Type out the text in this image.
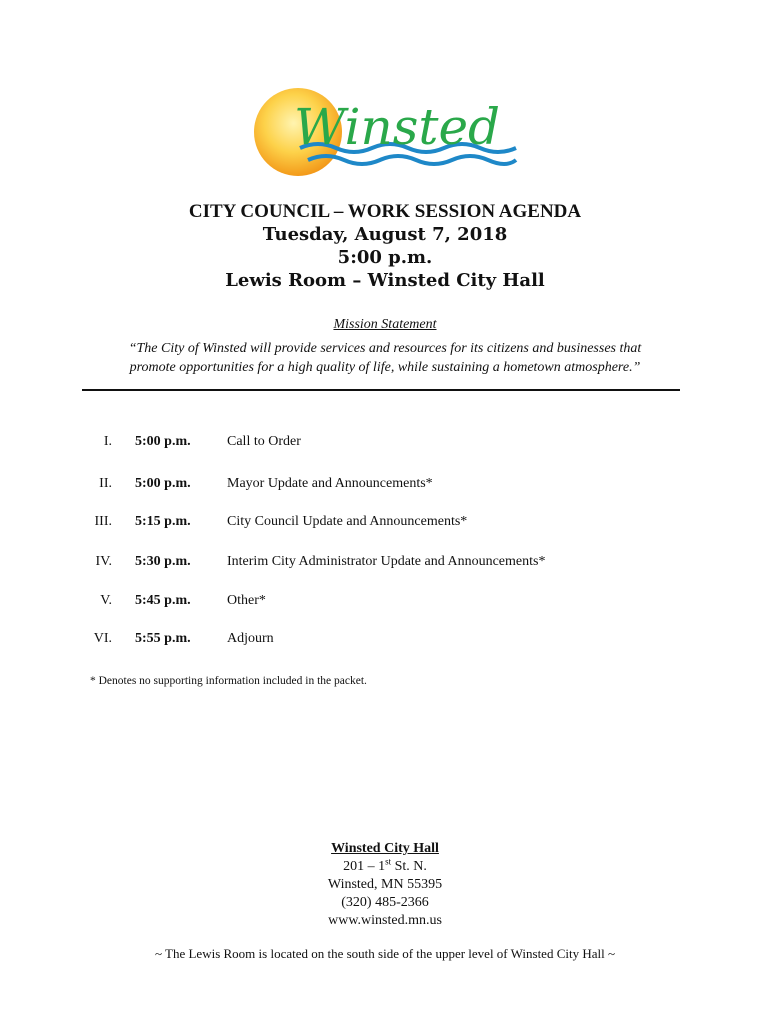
Winsted
CITY COUNCIL – WORK SESSION AGENDA
Tuesday, August 7, 2018
5:00 p.m.
Lewis Room – Winsted City Hall
Mission Statement
“The City of Winsted will provide services and resources for its citizens and businesses that
promote opportunities for a high quality of life, while sustaining a hometown atmosphere.”
I. 5:00 p.m.	Call to Order
II. 5:00 p.m.	Mayor Update and Announcements*
III. 5:15 p.m.	City Council Update and Announcements*
IV. 5:30 p.m.	Interim City Administrator Update and Announcements*
V. 5:45 p.m.	Other*
VI. 5:55 p.m.	Adjourn
* Denotes no supporting information included in the packet.
Winsted City Hall
201 – 1st St. N.
Winsted, MN 55395
(320) 485-2366
www.winsted.mn.us
~ The Lewis Room is located on the south side of the upper level of Winsted City Hall ~
